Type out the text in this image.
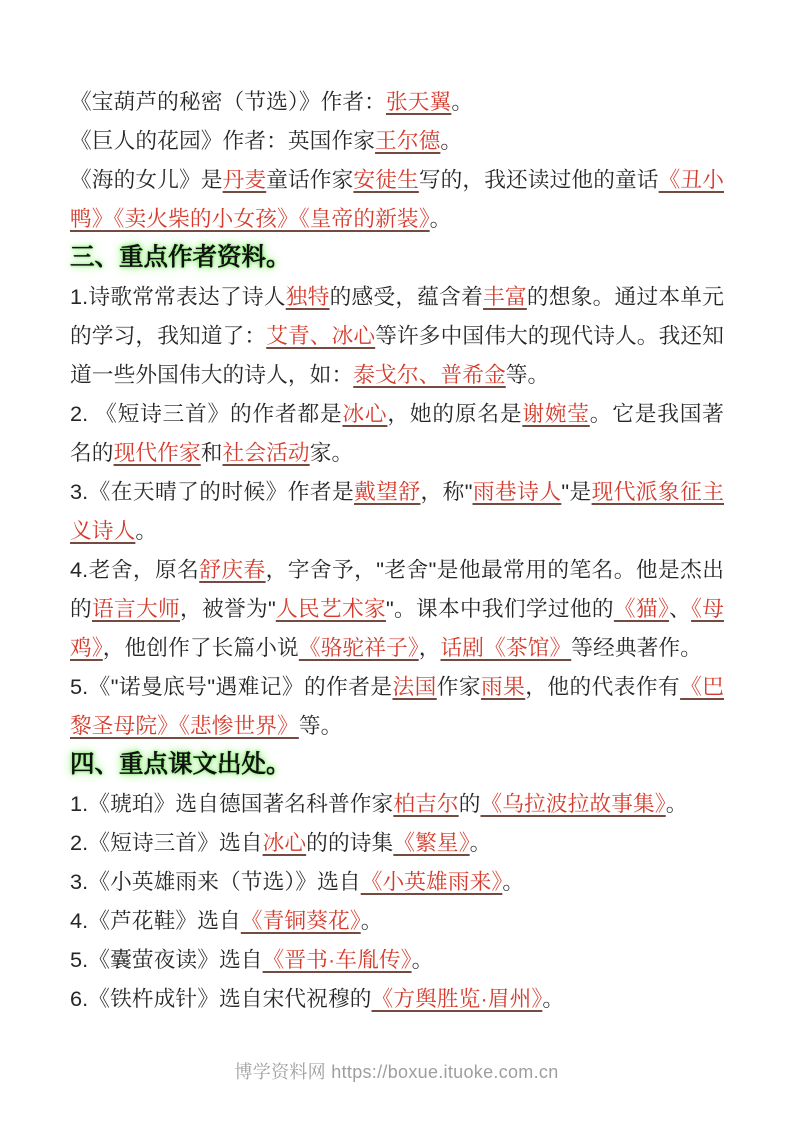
《宝葫芦的秘密（节选）》作者：张天翼。

《巨人的花园》作者：英国作家王尔德。

《海的女儿》是丹麦童话作家安徒生写的，我还读过他的童话《丑小鸭》《卖火柴的小女孩》《皇帝的新装》。

三、重点作者资料。

1.诗歌常常表达了诗人独特的感受，蕴含着丰富的想象。通过本单元的学习，我知道了：艾青、冰心等许多中国伟大的现代诗人。我还知道一些外国伟大的诗人，如：泰戈尔、普希金等。

2. 《短诗三首》的作者都是冰心，她的原名是谢婉莹。它是我国著名的现代作家和社会活动家。

3.《在天晴了的时候》作者是戴望舒，称"雨巷诗人"是现代派象征主义诗人。

4.老舍，原名舒庆春，字舍予，"老舍"是他最常用的笔名。他是杰出的语言大师，被誉为"人民艺术家"。课本中我们学过他的《猫》、《母鸡》，他创作了长篇小说《骆驼祥子》，话剧《茶馆》等经典著作。

5.《"诺曼底号"遇难记》的作者是法国作家雨果，他的代表作有《巴黎圣母院》《悲惨世界》等。

四、重点课文出处。

1.《琥珀》选自德国著名科普作家柏吉尔的《乌拉波拉故事集》。

2.《短诗三首》选自冰心的的诗集《繁星》。

3.《小英雄雨来（节选）》选自《小英雄雨来》。

4.《芦花鞋》选自《青铜葵花》。

5.《囊萤夜读》选自《晋书·车胤传》。

6.《铁杵成针》选自宋代祝穆的《方舆胜览·眉州》。

博学资料网 https://boxue.ituoke.com.cn
